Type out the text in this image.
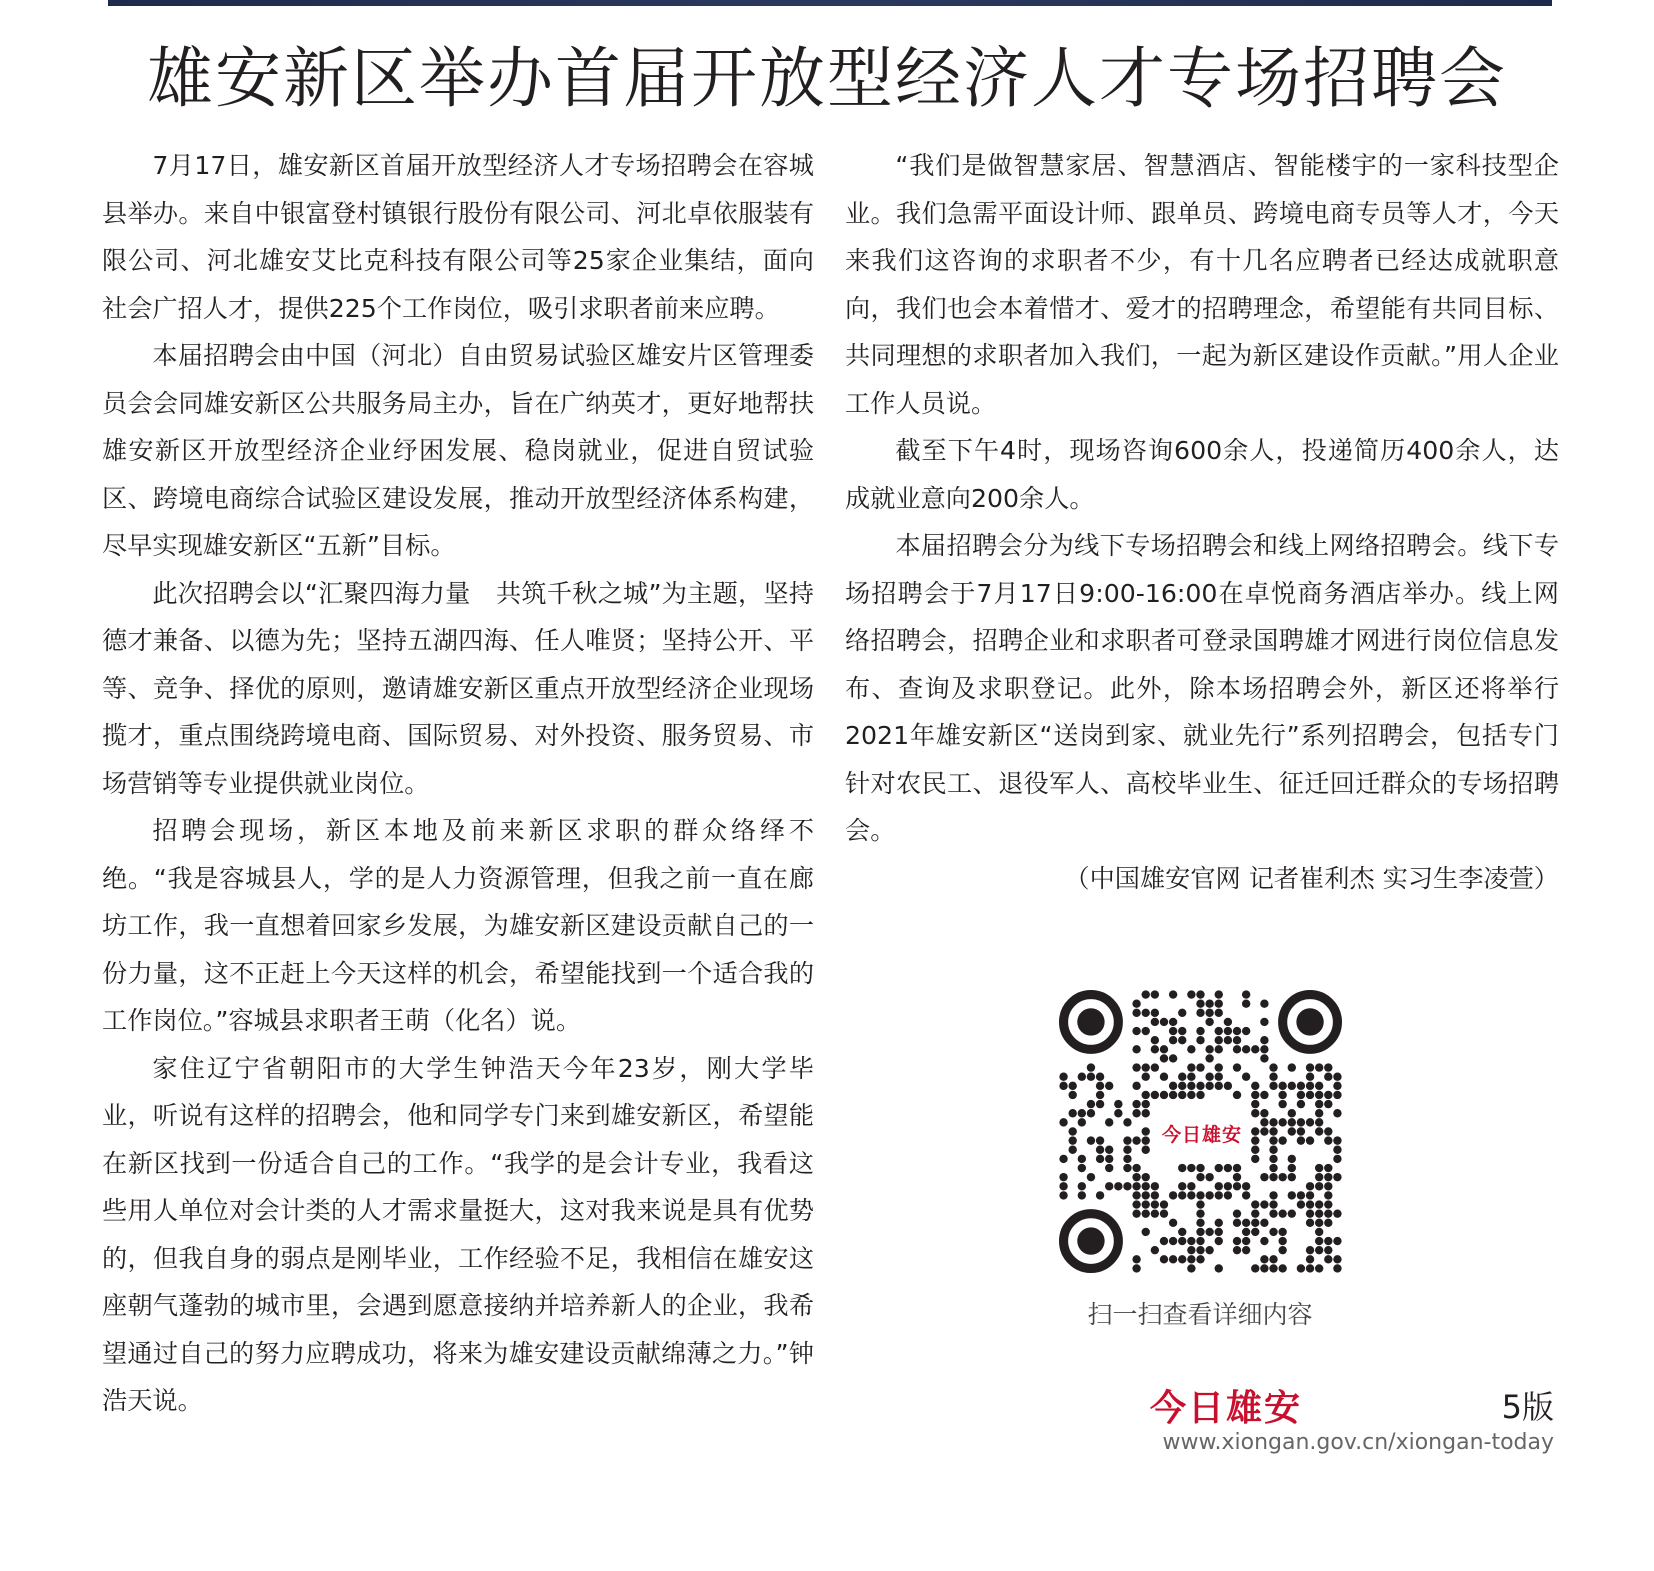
雄安新区举办首届开放型经济人才专场招聘会

7月17日，雄安新区首届开放型经济人才专场招聘会在容城县举办。来自中银富登村镇银行股份有限公司、河北卓依服装有限公司、河北雄安艾比克科技有限公司等25家企业集结，面向社会广招人才，提供225个工作岗位，吸引求职者前来应聘。

本届招聘会由中国（河北）自由贸易试验区雄安片区管理委员会会同雄安新区公共服务局主办，旨在广纳英才，更好地帮扶雄安新区开放型经济企业纾困发展、稳岗就业，促进自贸试验区、跨境电商综合试验区建设发展，推动开放型经济体系构建，尽早实现雄安新区“五新”目标。

此次招聘会以“汇聚四海力量　共筑千秋之城”为主题，坚持德才兼备、以德为先；坚持五湖四海、任人唯贤；坚持公开、平等、竞争、择优的原则，邀请雄安新区重点开放型经济企业现场揽才，重点围绕跨境电商、国际贸易、对外投资、服务贸易、市场营销等专业提供就业岗位。

招聘会现场，新区本地及前来新区求职的群众络绎不绝。“我是容城县人，学的是人力资源管理，但我之前一直在廊坊工作，我一直想着回家乡发展，为雄安新区建设贡献自己的一份力量，这不正赶上今天这样的机会，希望能找到一个适合我的工作岗位。”容城县求职者王萌（化名）说。

家住辽宁省朝阳市的大学生钟浩天今年23岁，刚大学毕业，听说有这样的招聘会，他和同学专门来到雄安新区，希望能在新区找到一份适合自己的工作。“我学的是会计专业，我看这些用人单位对会计类的人才需求量挺大，这对我来说是具有优势的，但我自身的弱点是刚毕业，工作经验不足，我相信在雄安这座朝气蓬勃的城市里，会遇到愿意接纳并培养新人的企业，我希望通过自己的努力应聘成功，将来为雄安建设贡献绵薄之力。”钟浩天说。

“我们是做智慧家居、智慧酒店、智能楼宇的一家科技型企业。我们急需平面设计师、跟单员、跨境电商专员等人才，今天来我们这咨询的求职者不少，有十几名应聘者已经达成就职意向，我们也会本着惜才、爱才的招聘理念，希望能有共同目标、共同理想的求职者加入我们，一起为新区建设作贡献。”用人企业工作人员说。

截至下午4时，现场咨询600余人，投递简历400余人，达成就业意向200余人。

本届招聘会分为线下专场招聘会和线上网络招聘会。线下专场招聘会于7月17日9:00-16:00在卓悦商务酒店举办。线上网络招聘会，招聘企业和求职者可登录国聘雄才网进行岗位信息发布、查询及求职登记。此外，除本场招聘会外，新区还将举行2021年雄安新区“送岗到家、就业先行”系列招聘会，包括专门针对农民工、退役军人、高校毕业生、征迁回迁群众的专场招聘会。

（中国雄安官网 记者崔利杰 实习生李凌萱）

今日雄安
扫一扫查看详细内容
今日雄安	5版
www.xiongan.gov.cn/xiongan-today
